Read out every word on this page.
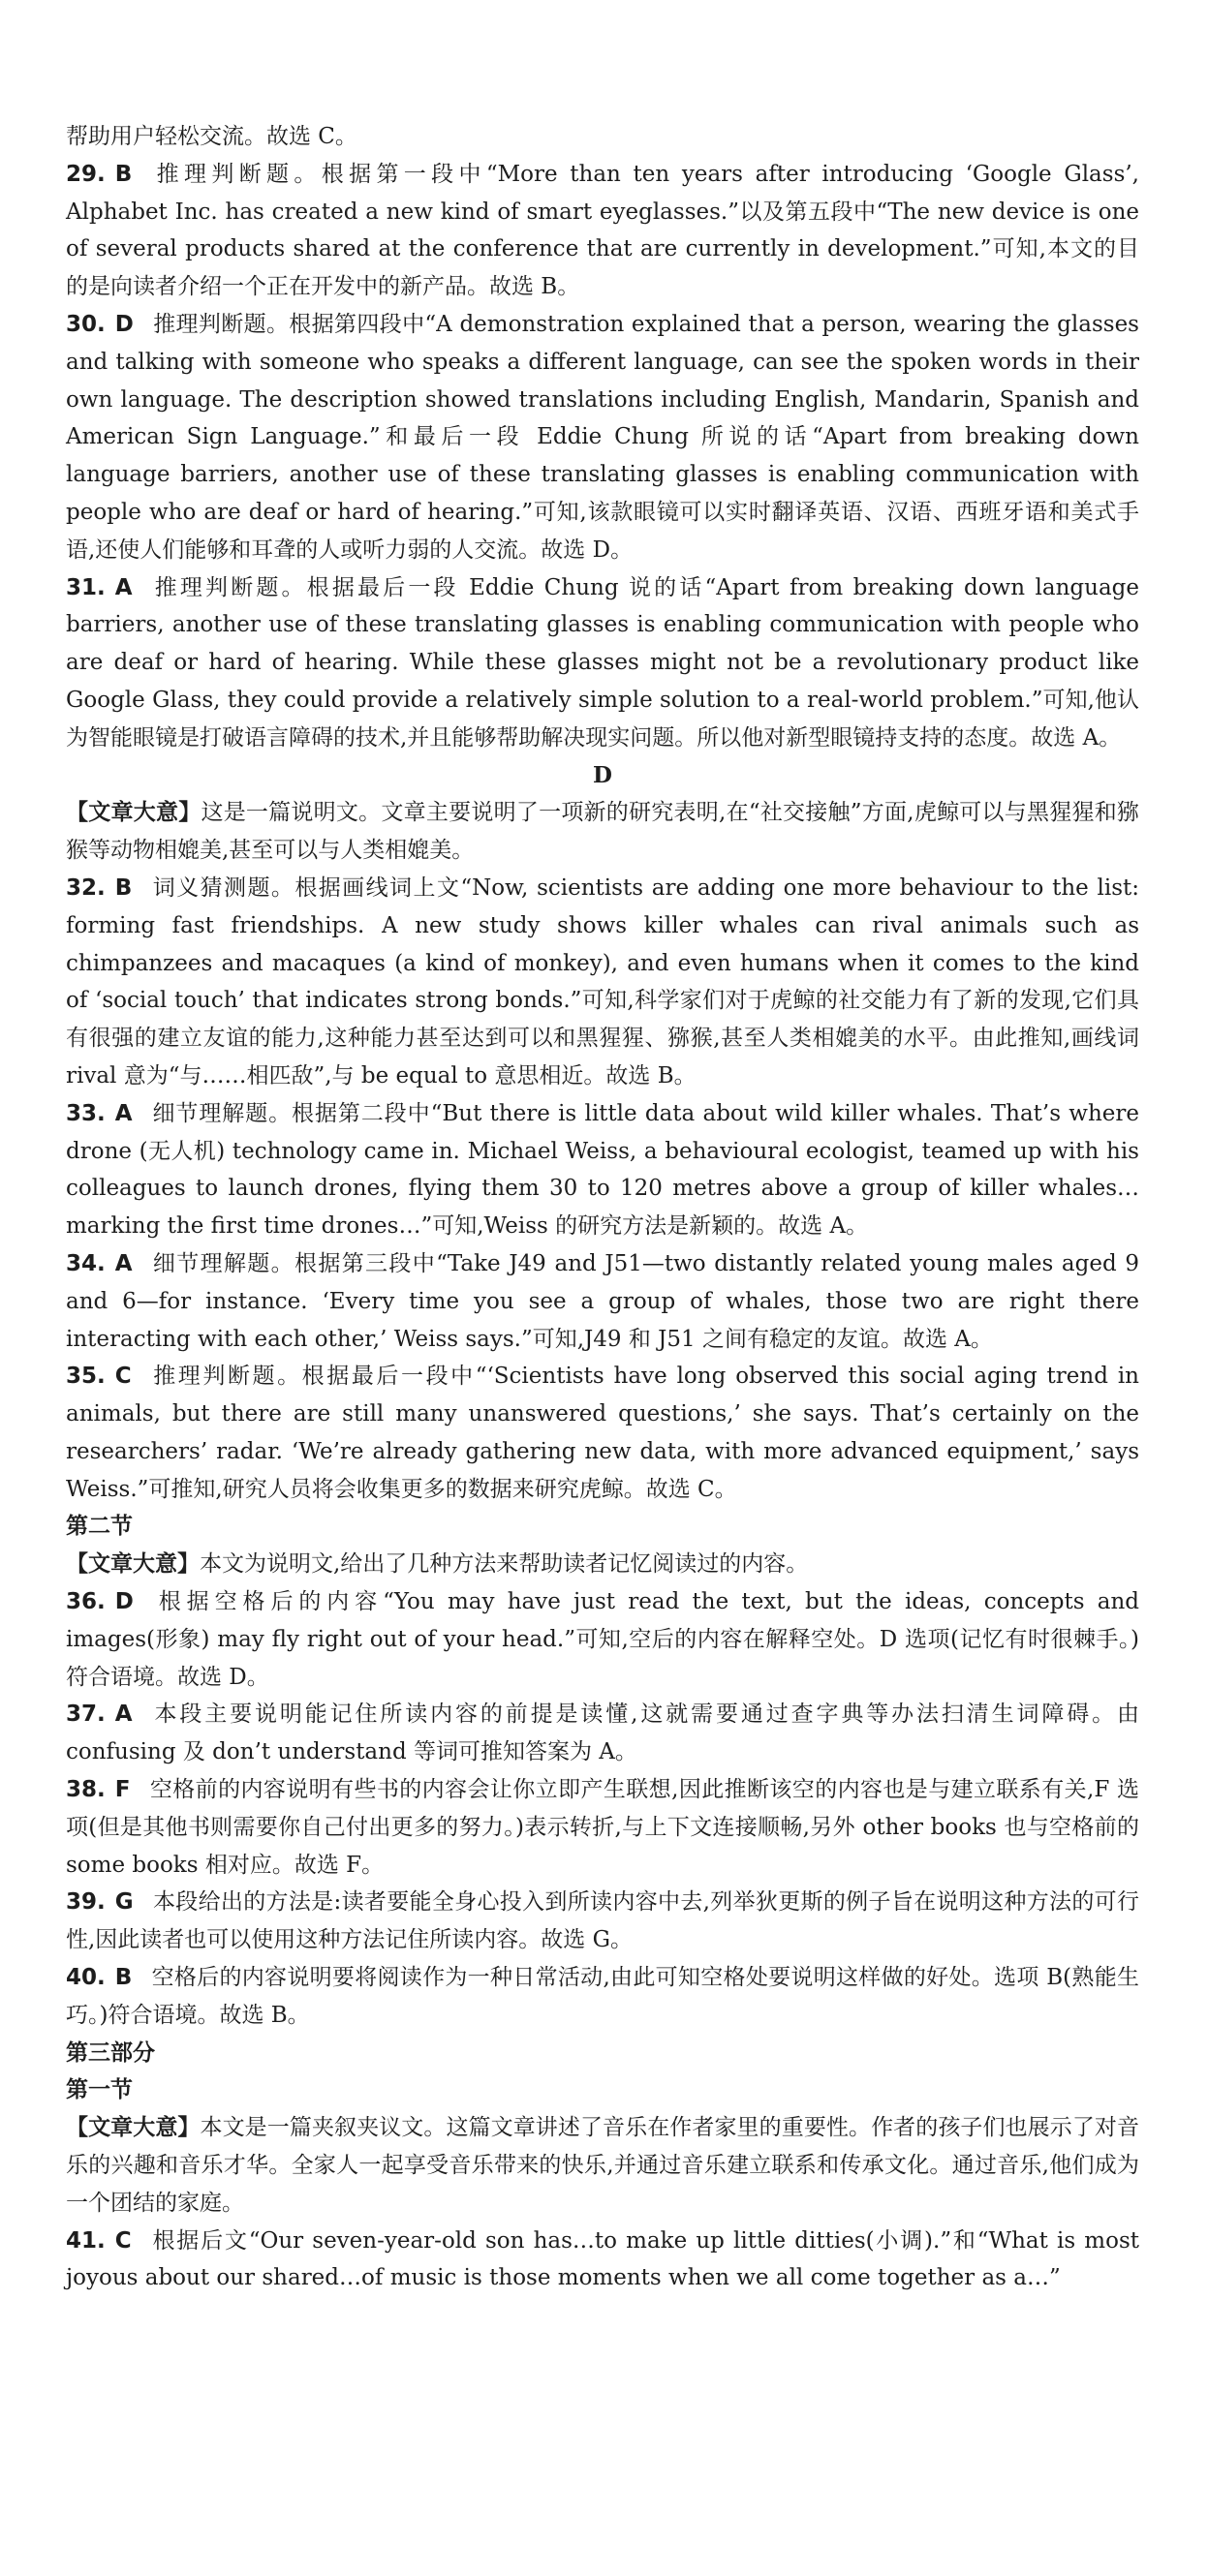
帮助用户轻松交流。故选 C。

29. B 推理判断题。根据第一段中“More than ten years after introducing ‘Google Glass’, Alphabet Inc. has created a new kind of smart eyeglasses.”以及第五段中“The new device is one of several products shared at the conference that are currently in development.”可知,本文的目的是向读者介绍一个正在开发中的新产品。故选 B。

30. D 推理判断题。根据第四段中“A demonstration explained that a person, wearing the glasses and talking with someone who speaks a different language, can see the spoken words in their own language. The description showed translations including English, Mandarin, Spanish and American Sign Language.”和最后一段 Eddie Chung 所说的话“Apart from breaking down language barriers, another use of these translating glasses is enabling communication with people who are deaf or hard of hearing.”可知,该款眼镜可以实时翻译英语、汉语、西班牙语和美式手语,还使人们能够和耳聋的人或听力弱的人交流。故选 D。

31. A 推理判断题。根据最后一段 Eddie Chung 说的话“Apart from breaking down language barriers, another use of these translating glasses is enabling communication with people who are deaf or hard of hearing. While these glasses might not be a revolutionary product like Google Glass, they could provide a relatively simple solution to a real-world problem.”可知,他认为智能眼镜是打破语言障碍的技术,并且能够帮助解决现实问题。所以他对新型眼镜持支持的态度。故选 A。

D

【文章大意】这是一篇说明文。文章主要说明了一项新的研究表明,在“社交接触”方面,虎鲸可以与黑猩猩和猕猴等动物相媲美,甚至可以与人类相媲美。

32. B 词义猜测题。根据画线词上文“Now, scientists are adding one more behaviour to the list: forming fast friendships. A new study shows killer whales can rival animals such as chimpanzees and macaques (a kind of monkey), and even humans when it comes to the kind of ‘social touch’ that indicates strong bonds.”可知,科学家们对于虎鲸的社交能力有了新的发现,它们具有很强的建立友谊的能力,这种能力甚至达到可以和黑猩猩、猕猴,甚至人类相媲美的水平。由此推知,画线词 rival 意为“与……相匹敌”,与 be equal to 意思相近。故选 B。

33. A 细节理解题。根据第二段中“But there is little data about wild killer whales. That’s where drone (无人机) technology came in. Michael Weiss, a behavioural ecologist, teamed up with his colleagues to launch drones, flying them 30 to 120 metres above a group of killer whales…marking the first time drones…”可知,Weiss 的研究方法是新颖的。故选 A。

34. A 细节理解题。根据第三段中“Take J49 and J51—two distantly related young males aged 9 and 6—for instance. ‘Every time you see a group of whales, those two are right there interacting with each other,’ Weiss says.”可知,J49 和 J51 之间有稳定的友谊。故选 A。

35. C 推理判断题。根据最后一段中“‘Scientists have long observed this social aging trend in animals, but there are still many unanswered questions,’ she says. That’s certainly on the researchers’ radar. ‘We’re already gathering new data, with more advanced equipment,’ says Weiss.”可推知,研究人员将会收集更多的数据来研究虎鲸。故选 C。

第二节

【文章大意】本文为说明文,给出了几种方法来帮助读者记忆阅读过的内容。

36. D 根据空格后的内容“You may have just read the text, but the ideas, concepts and images(形象) may fly right out of your head.”可知,空后的内容在解释空处。D 选项(记忆有时很棘手。)符合语境。故选 D。

37. A 本段主要说明能记住所读内容的前提是读懂,这就需要通过查字典等办法扫清生词障碍。由 confusing 及 don’t understand 等词可推知答案为 A。

38. F 空格前的内容说明有些书的内容会让你立即产生联想,因此推断该空的内容也是与建立联系有关,F 选项(但是其他书则需要你自己付出更多的努力。)表示转折,与上下文连接顺畅,另外 other books 也与空格前的 some books 相对应。故选 F。

39. G 本段给出的方法是:读者要能全身心投入到所读内容中去,列举狄更斯的例子旨在说明这种方法的可行性,因此读者也可以使用这种方法记住所读内容。故选 G。

40. B 空格后的内容说明要将阅读作为一种日常活动,由此可知空格处要说明这样做的好处。选项 B(熟能生巧。)符合语境。故选 B。

第三部分

第一节

【文章大意】本文是一篇夹叙夹议文。这篇文章讲述了音乐在作者家里的重要性。作者的孩子们也展示了对音乐的兴趣和音乐才华。全家人一起享受音乐带来的快乐,并通过音乐建立联系和传承文化。通过音乐,他们成为一个团结的家庭。

41. C 根据后文“Our seven-year-old son has…to make up little ditties(小调).”和“What is most joyous about our shared…of music is those moments when we all come together as a…”
